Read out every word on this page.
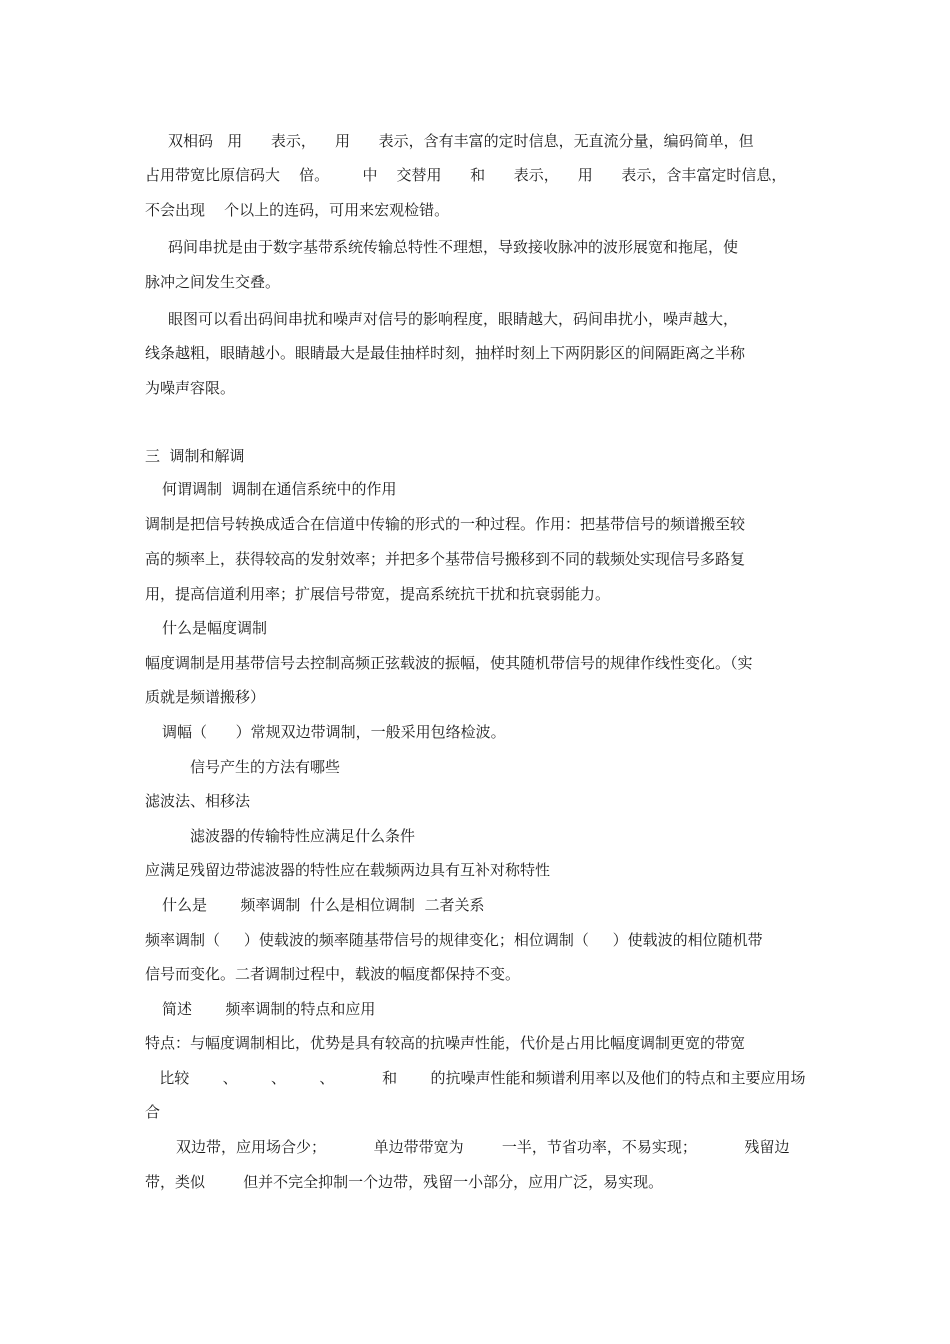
双相码   用      表示，    用      表示，含有丰富的定时信息，无直流分量，编码简单，但
占用带宽比原信码大    倍。       中    交替用      和      表示，    用      表示，含丰富定时信息，
不会出现    个以上的连码，可用来宏观检错。
码间串扰是由于数字基带系统传输总特性不理想，导致接收脉冲的波形展宽和拖尾，使
脉冲之间发生交叠。
眼图可以看出码间串扰和噪声对信号的影响程度，眼睛越大，码间串扰小，噪声越大，
线条越粗，眼睛越小。眼睛最大是最佳抽样时刻，抽样时刻上下两阴影区的间隔距离之半称
为噪声容限。
三  调制和解调
何谓调制  调制在通信系统中的作用
调制是把信号转换成适合在信道中传输的形式的一种过程。作用：把基带信号的频谱搬至较
高的频率上，获得较高的发射效率；并把多个基带信号搬移到不同的载频处实现信号多路复
用，提高信道利用率；扩展信号带宽，提高系统抗干扰和抗衰弱能力。
什么是幅度调制
幅度调制是用基带信号去控制高频正弦载波的振幅，使其随机带信号的规律作线性变化。（实
质就是频谱搬移）
调幅（      ）常规双边带调制，一般采用包络检波。
信号产生的方法有哪些
滤波法、相移法
滤波器的传输特性应满足什么条件
应满足残留边带滤波器的特性应在载频两边具有互补对称特性
什么是       频率调制  什么是相位调制  二者关系
频率调制（     ）使载波的频率随基带信号的规律变化；相位调制（     ）使载波的相位随机带
信号而变化。二者调制过程中，载波的幅度都保持不变。
简述       频率调制的特点和应用
特点：与幅度调制相比，优势是具有较高的抗噪声性能，代价是占用比幅度调制更宽的带宽
比较       、       、       、          和       的抗噪声性能和频谱利用率以及他们的特点和主要应用场
合
双边带，应用场合少；          单边带带宽为        一半，节省功率，不易实现；          残留边
带，类似        但并不完全抑制一个边带，残留一小部分，应用广泛，易实现。
